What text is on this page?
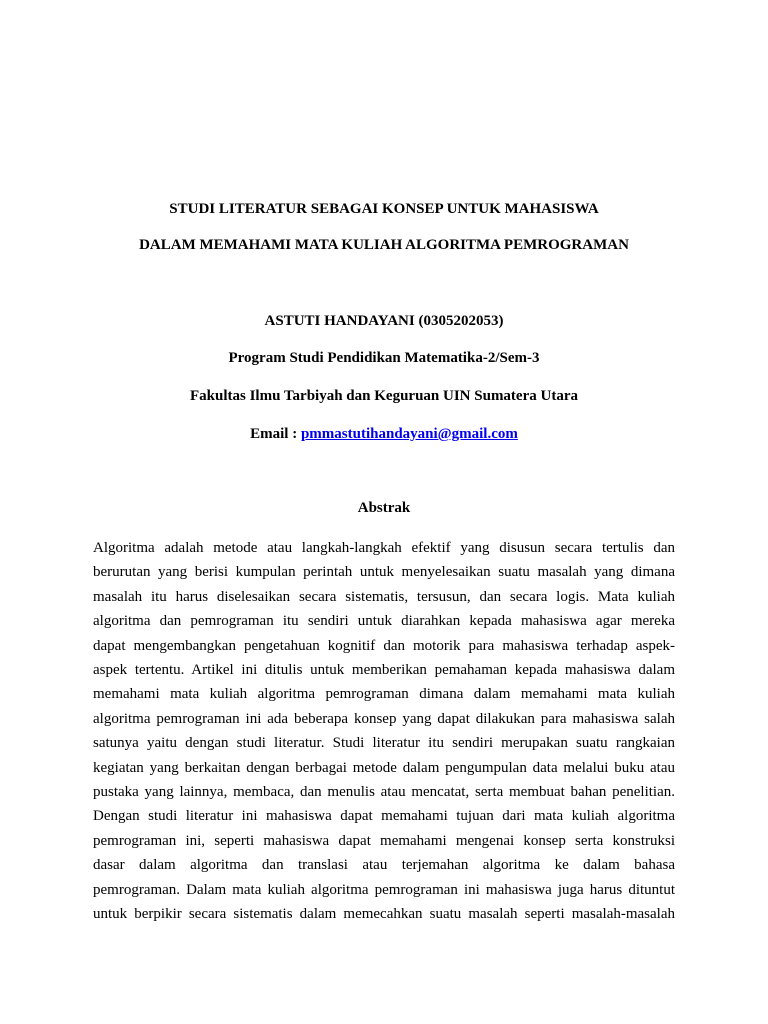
STUDI LITERATUR SEBAGAI KONSEP UNTUK MAHASISWA
DALAM MEMAHAMI MATA KULIAH ALGORITMA PEMROGRAMAN
ASTUTI HANDAYANI (0305202053)
Program Studi Pendidikan Matematika-2/Sem-3
Fakultas Ilmu Tarbiyah dan Keguruan UIN Sumatera Utara
Email : pmmastutihandayani@gmail.com
Abstrak
Algoritma adalah metode atau langkah-langkah efektif yang disusun secara tertulis dan
berurutan yang berisi kumpulan perintah untuk menyelesaikan suatu masalah yang dimana
masalah itu harus diselesaikan secara sistematis, tersusun, dan secara logis. Mata kuliah
algoritma dan pemrograman itu sendiri untuk diarahkan kepada mahasiswa agar mereka
dapat mengembangkan pengetahuan kognitif dan motorik para mahasiswa terhadap aspek-
aspek tertentu. Artikel ini ditulis untuk memberikan pemahaman kepada mahasiswa dalam
memahami mata kuliah algoritma pemrograman dimana dalam memahami mata kuliah
algoritma pemrograman ini ada beberapa konsep yang dapat dilakukan para mahasiswa salah
satunya yaitu dengan studi literatur. Studi literatur itu sendiri merupakan suatu rangkaian
kegiatan yang berkaitan dengan berbagai metode dalam pengumpulan data melalui buku atau
pustaka yang lainnya, membaca, dan menulis atau mencatat, serta membuat bahan penelitian.
Dengan studi literatur ini mahasiswa dapat memahami tujuan dari mata kuliah algoritma
pemrograman ini, seperti mahasiswa dapat memahami mengenai konsep serta konstruksi
dasar dalam algoritma dan translasi atau terjemahan algoritma ke dalam bahasa
pemrograman. Dalam mata kuliah algoritma pemrograman ini mahasiswa juga harus dituntut
untuk berpikir secara sistematis dalam memecahkan suatu masalah seperti masalah-masalah
